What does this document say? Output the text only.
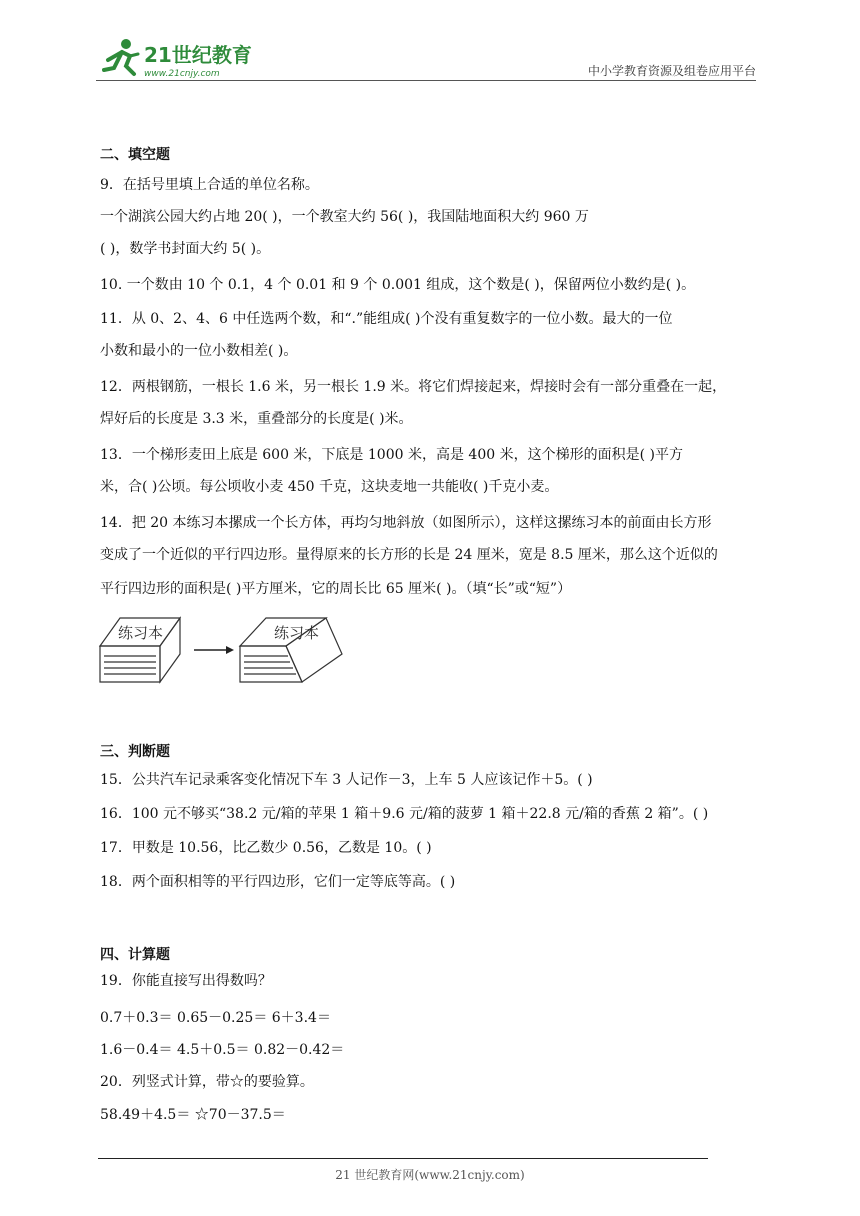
21世纪教育
www.21cnjy.com	中小学教育资源及组卷应用平台
二、填空题
9．在括号里填上合适的单位名称。
一个湖滨公园大约占地 20( )，一个教室大约 56( )，我国陆地面积大约 960 万
( )，数学书封面大约 5( )。
10. 一个数由 10 个 0.1，4 个 0.01 和 9 个 0.001 组成，这个数是( )，保留两位小数约是( )。
11．从 0、2、4、6 中任选两个数，和“.”能组成( )个没有重复数字的一位小数。最大的一位
小数和最小的一位小数相差( )。
12．两根钢筋，一根长 1.6 米，另一根长 1.9 米。将它们焊接起来，焊接时会有一部分重叠在一起，
焊好后的长度是 3.3 米，重叠部分的长度是( )米。
13．一个梯形麦田上底是 600 米，下底是 1000 米，高是 400 米，这个梯形的面积是( )平方
米，合( )公顷。每公顷收小麦 450 千克，这块麦地一共能收( )千克小麦。
14．把 20 本练习本摞成一个长方体，再均匀地斜放（如图所示），这样这摞练习本的前面由长方形
变成了一个近似的平行四边形。量得原来的长方形的长是 24 厘米，宽是 8.5 厘米，那么这个近似的
平行四边形的面积是( )平方厘米，它的周长比 65 厘米( )。（填“长”或“短”）
三、判断题
15．公共汽车记录乘客变化情况下车 3 人记作－3，上车 5 人应该记作＋5。( )
16．100 元不够买“38.2 元/箱的苹果 1 箱＋9.6 元/箱的菠萝 1 箱＋22.8 元/箱的香蕉 2 箱”。( )
17．甲数是 10.56，比乙数少 0.56，乙数是 10。( )
18．两个面积相等的平行四边形，它们一定等底等高。( )
四、计算题
19．你能直接写出得数吗？
0.7＋0.3＝ 0.65－0.25＝ 6＋3.4＝
1.6－0.4＝ 4.5＋0.5＝ 0.82－0.42＝
20．列竖式计算，带☆的要验算。
58.49＋4.5＝ ☆70－37.5＝
练习本	练习本
21 世纪教育网(www.21cnjy.com)
